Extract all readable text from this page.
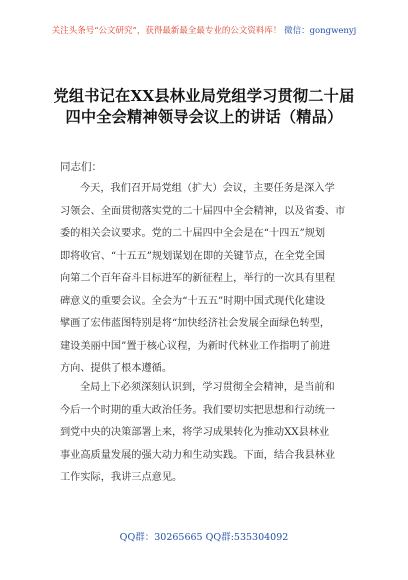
关注头条号“公文研究”，获得最新最全最专业的公文资料库！ 微信：gongwenyj
党组书记在XX县林业局党组学习贯彻二十届
四中全会精神领导会议上的讲话（精品）
同志们：
今天，我们召开局党组（扩大）会议，主要任务是深入学
习领会、全面贯彻落实党的二十届四中全会精神，以及省委、市
委的相关会议要求。党的二十届四中全会是在“十四五”规划
即将收官、“十五五”规划谋划在即的关键节点，在全党全国
向第二个百年奋斗目标进军的新征程上，举行的一次具有里程
碑意义的重要会议。全会为“十五五”时期中国式现代化建设
擘画了宏伟蓝图特别是将“加快经济社会发展全面绿色转型，
建设美丽中国”置于核心议程，为新时代林业工作指明了前进
方向、提供了根本遵循。
全局上下必须深刻认识到，学习贯彻全会精神，是当前和
今后一个时期的重大政治任务。我们要切实把思想和行动统一
到党中央的决策部署上来，将学习成果转化为推动XX县林业
事业高质量发展的强大动力和生动实践。下面，结合我县林业
工作实际，我讲三点意见。
QQ群：30265665 QQ群:535304092
